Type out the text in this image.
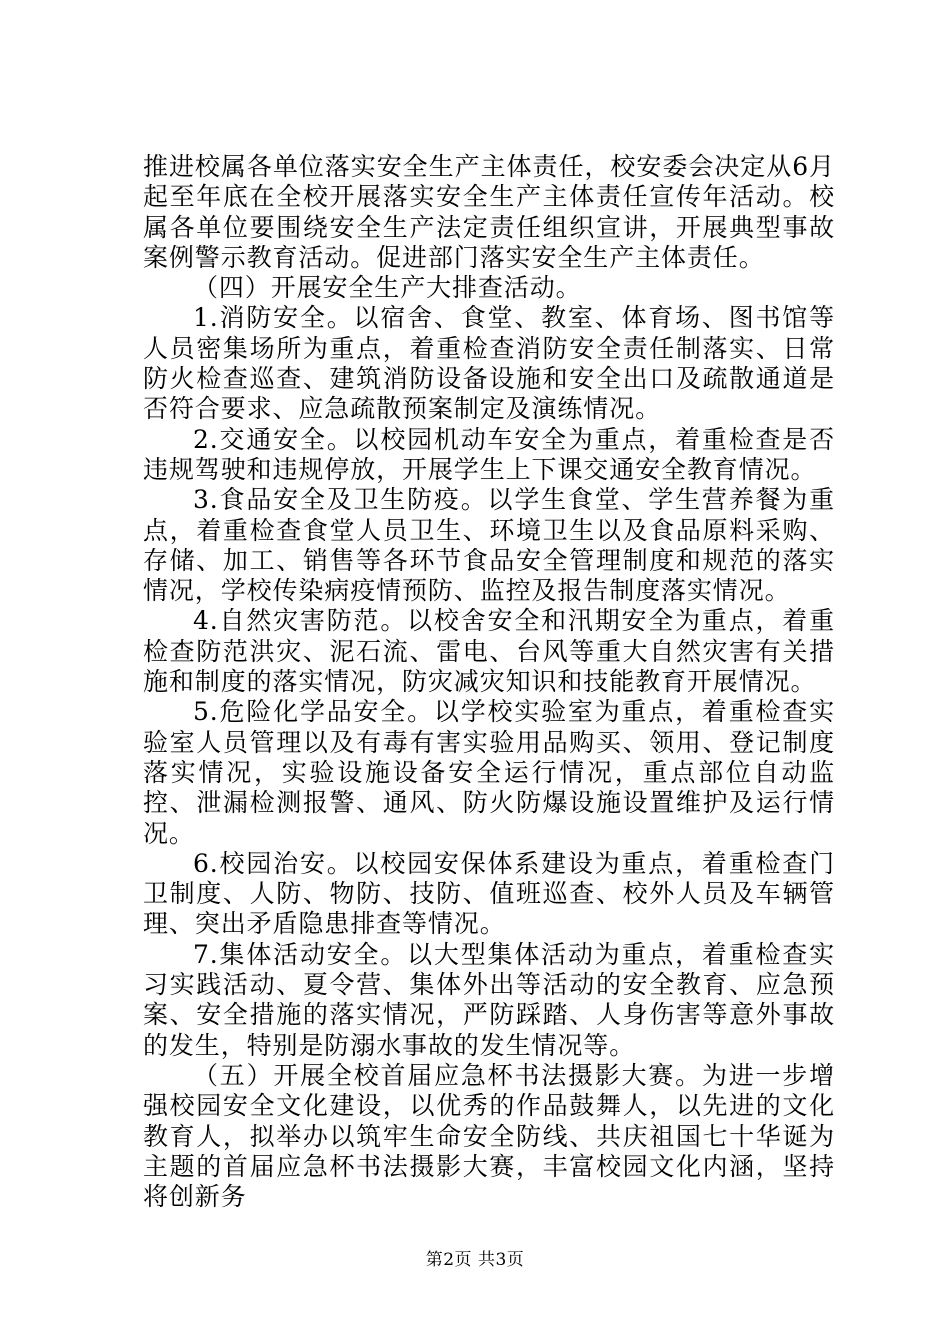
推进校属各单位落实安全生产主体责任，校安委会决定从6月起至年底在全校开展落实安全生产主体责任宣传年活动。校属各单位要围绕安全生产法定责任组织宣讲，开展典型事故案例警示教育活动。促进部门落实安全生产主体责任。

（四）开展安全生产大排查活动。

1.消防安全。以宿舍、食堂、教室、体育场、图书馆等人员密集场所为重点，着重检查消防安全责任制落实、日常防火检查巡查、建筑消防设备设施和安全出口及疏散通道是否符合要求、应急疏散预案制定及演练情况。

2.交通安全。以校园机动车安全为重点，着重检查是否违规驾驶和违规停放，开展学生上下课交通安全教育情况。

3.食品安全及卫生防疫。以学生食堂、学生营养餐为重点，着重检查食堂人员卫生、环境卫生以及食品原料采购、存储、加工、销售等各环节食品安全管理制度和规范的落实情况，学校传染病疫情预防、监控及报告制度落实情况。

4.自然灾害防范。以校舍安全和汛期安全为重点，着重检查防范洪灾、泥石流、雷电、台风等重大自然灾害有关措施和制度的落实情况，防灾减灾知识和技能教育开展情况。

5.危险化学品安全。以学校实验室为重点，着重检查实验室人员管理以及有毒有害实验用品购买、领用、登记制度落实情况，实验设施设备安全运行情况，重点部位自动监控、泄漏检测报警、通风、防火防爆设施设置维护及运行情况。

6.校园治安。以校园安保体系建设为重点，着重检查门卫制度、人防、物防、技防、值班巡查、校外人员及车辆管理、突出矛盾隐患排查等情况。

7.集体活动安全。以大型集体活动为重点，着重检查实习实践活动、夏令营、集体外出等活动的安全教育、应急预案、安全措施的落实情况，严防踩踏、人身伤害等意外事故的发生，特别是防溺水事故的发生情况等。

（五）开展全校首届应急杯书法摄影大赛。为进一步增强校园安全文化建设，以优秀的作品鼓舞人，以先进的文化教育人，拟举办以筑牢生命安全防线、共庆祖国七十华诞为主题的首届应急杯书法摄影大赛，丰富校园文化内涵，坚持将创新务

第2页 共3页
